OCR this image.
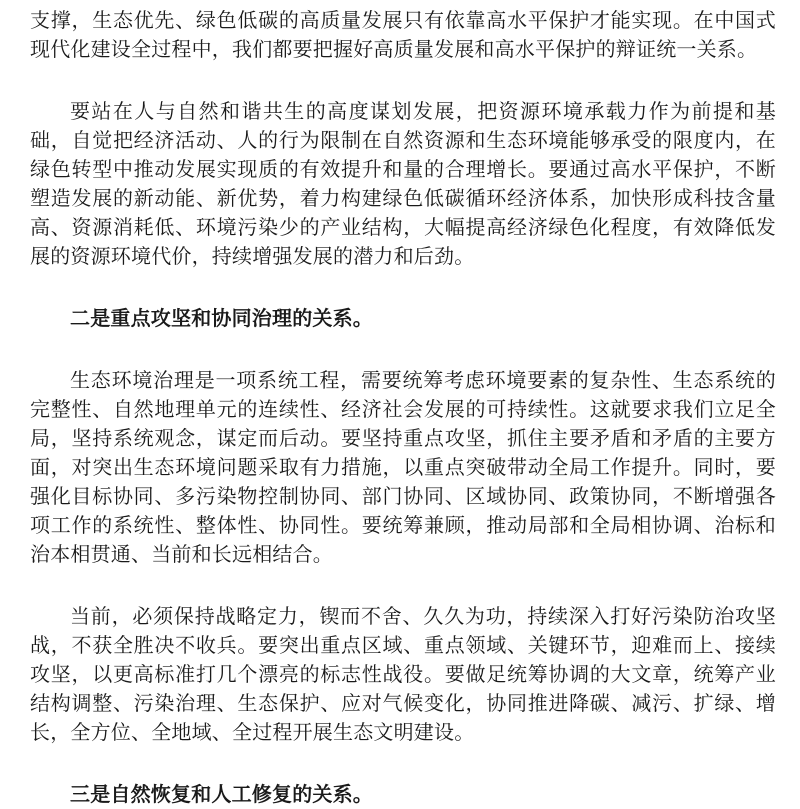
支撑，生态优先、绿色低碳的高质量发展只有依靠高水平保护才能实现。在中国式现代化建设全过程中，我们都要把握好高质量发展和高水平保护的辩证统一关系。

要站在人与自然和谐共生的高度谋划发展，把资源环境承载力作为前提和基础，自觉把经济活动、人的行为限制在自然资源和生态环境能够承受的限度内，在绿色转型中推动发展实现质的有效提升和量的合理增长。要通过高水平保护，不断塑造发展的新动能、新优势，着力构建绿色低碳循环经济体系，加快形成科技含量高、资源消耗低、环境污染少的产业结构，大幅提高经济绿色化程度，有效降低发展的资源环境代价，持续增强发展的潜力和后劲。

二是重点攻坚和协同治理的关系。

生态环境治理是一项系统工程，需要统筹考虑环境要素的复杂性、生态系统的完整性、自然地理单元的连续性、经济社会发展的可持续性。这就要求我们立足全局，坚持系统观念，谋定而后动。要坚持重点攻坚，抓住主要矛盾和矛盾的主要方面，对突出生态环境问题采取有力措施，以重点突破带动全局工作提升。同时，要强化目标协同、多污染物控制协同、部门协同、区域协同、政策协同，不断增强各项工作的系统性、整体性、协同性。要统筹兼顾，推动局部和全局相协调、治标和治本相贯通、当前和长远相结合。

当前，必须保持战略定力，锲而不舍、久久为功，持续深入打好污染防治攻坚战，不获全胜决不收兵。要突出重点区域、重点领域、关键环节，迎难而上、接续攻坚，以更高标准打几个漂亮的标志性战役。要做足统筹协调的大文章，统筹产业结构调整、污染治理、生态保护、应对气候变化，协同推进降碳、减污、扩绿、增长，全方位、全地域、全过程开展生态文明建设。

三是自然恢复和人工修复的关系。
